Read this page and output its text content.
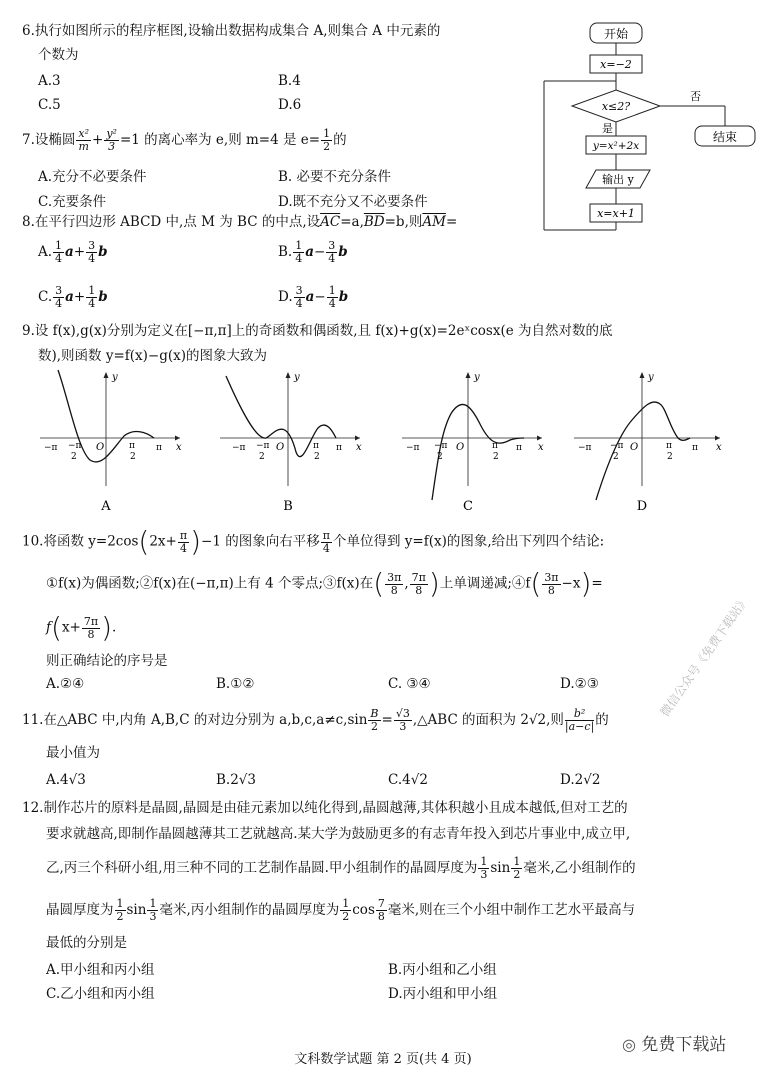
6.执行如图所示的程序框图,设输出数据构成集合 A,则集合 A 中元素的
个数为
A.3	B.4
C.5	D.6
开始
x=−2
x≤2?
否
是
y=x²+2x
输出 y
x=x+1
结束
7.设椭圆 $\frac{\text{x²}}{m} + \frac{\text{y²}}{3} =1$ 的离心率为 e,则 m=4 是 $e= \frac{1}{2}$ 的
A.充分不必要条件	B. 必要不充分条件
C.充要条件	D.既不充分又不必要条件
8.在平行四边形 ABCD 中,点 M 为 BC 的中点,设$\overline{AC}=a,\overline{BD}=b$,则$\overline{AM}=$
A. $\frac{1}{4} a+ \frac{3}{4}$ b	B. $\frac{1}{4} a- \frac{3}{4}$ b
C. $\frac{3}{4} a+ \frac{1}{4}$ b	D. $\frac{3}{4} a- \frac{1}{4}$ b
9.设 f(x),g(x)分别为定义在[−π,π]上的奇函数和偶函数,且 f(x)+g(x)=2eˣcosx(e 为自然对数的底
数),则函数 y=f(x)−g(x)的图象大致为
y
x
O
−π	π
−π
2
π
2
y
x
O
−π	π
−π
2
π
2
y
x
O
−π	π
−π
2
π
2
y
x
O
−π	π
−π
2
π
2
A	B	C	D
10.将函数 $y=2\cos(2x+ \frac{\pi}{4} )-1$ 的图象向右平移 $\frac{\pi}{4}$ 个单位得到 y=f(x)的图象,给出下列四个结论:
①f(x)为偶函数;②f(x)在(−π,π)上有 4 个零点;③f(x)在( $\frac{3\pi}{8}$ , $\frac{7\pi}{8}$ )上单调递减;④f( $\frac{3\pi}{8} -x)=$
$f(x+ \frac{7\pi}{8}$ ).
则正确结论的序号是
A.②④	B.①②	C. ③④	D.②③	微信公众号《免费下载站》
11.在△ABC 中,内角 A,B,C 的对边分别为 $a,b,c,a\ne c,\sin \frac{B}{2} = \frac{√3}{3}$ ,△ABC 的面积为 2√2,则 $\frac{\text{b²}}{|a-c|}$ 的
最小值为
A.4√3	B.2√3	C.4√2	D.2√2
12.制作芯片的原料是晶圆,晶圆是由硅元素加以纯化得到,晶圆越薄,其体积越小且成本越低,但对工艺的
要求就越高,即制作晶圆越薄其工艺就越高.某大学为鼓励更多的有志青年投入到芯片事业中,成立甲,
乙,丙三个科研小组,用三种不同的工艺制作晶圆.甲小组制作的晶圆厚度为 $\frac{1}{3}$ $\sin \frac{1}{2}$ 毫米,乙小组制作的
晶圆厚度为 $\frac{1}{2}$ $\sin \frac{1}{3}$ 毫米,丙小组制作的晶圆厚度为 $\frac{1}{2}$ $\cos \frac{7}{8}$ 毫米,则在三个小组中制作工艺水平最高与
最低的分别是
A.甲小组和丙小组	B.丙小组和乙小组
C.乙小组和丙小组	D.丙小组和甲小组
◎ 免费下载站
文科数学试题 第 2 页(共 4 页)
